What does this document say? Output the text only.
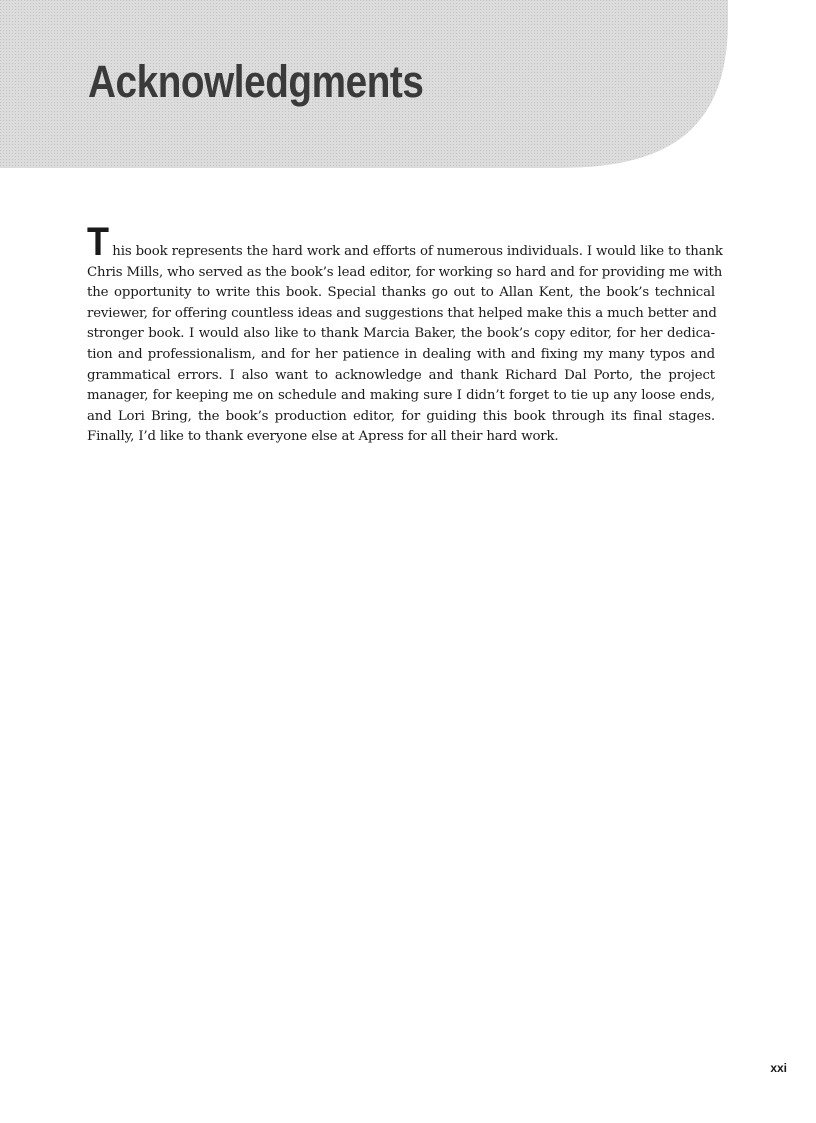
Acknowledgments
This book represents the hard work and efforts of numerous individuals. I would like to thank
Chris Mills, who served as the book’s lead editor, for working so hard and for providing me with
the opportunity to write this book. Special thanks go out to Allan Kent, the book’s technical
reviewer, for offering countless ideas and suggestions that helped make this a much better and
stronger book. I would also like to thank Marcia Baker, the book’s copy editor, for her dedica-
tion and professionalism, and for her patience in dealing with and fixing my many typos and
grammatical errors. I also want to acknowledge and thank Richard Dal Porto, the project
manager, for keeping me on schedule and making sure I didn’t forget to tie up any loose ends,
and Lori Bring, the book’s production editor, for guiding this book through its final stages.
Finally, I’d like to thank everyone else at Apress for all their hard work.
xxi
